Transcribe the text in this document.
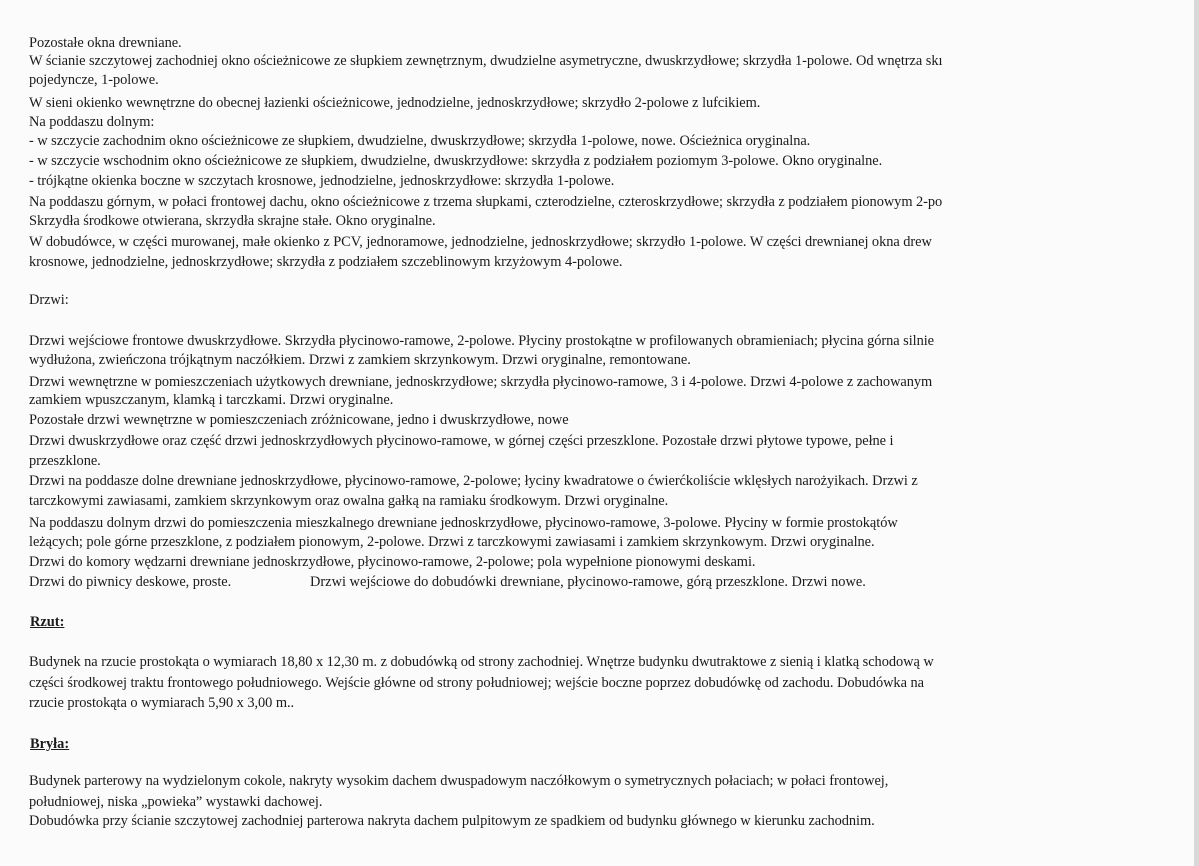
Pozostałe okna drewniane.
W ścianie szczytowej zachodniej okno ościeżnicowe ze słupkiem zewnętrznym, dwudzielne asymetryczne, dwuskrzydłowe; skrzydła 1-polowe. Od wnętrza skı
pojedyncze, 1-polowe.
W sieni okienko wewnętrzne do obecnej łazienki ościeżnicowe, jednodzielne, jednoskrzydłowe; skrzydło 2-polowe z lufcikiem.
Na poddaszu dolnym:
- w szczycie zachodnim okno ościeżnicowe ze słupkiem, dwudzielne, dwuskrzydłowe; skrzydła 1-polowe, nowe. Ościeżnica oryginalna.
- w szczycie wschodnim okno ościeżnicowe ze słupkiem, dwudzielne, dwuskrzydłowe: skrzydła z podziałem poziomym 3-polowe. Okno oryginalne.
- trójkątne okienka boczne w szczytach krosnowe, jednodzielne, jednoskrzydłowe: skrzydła 1-polowe.
Na poddaszu górnym, w połaci frontowej dachu, okno ościeżnicowe z trzema słupkami, czterodzielne, czteroskrzydłowe; skrzydła z podziałem pionowym 2-po
Skrzydła środkowe otwierana, skrzydła skrajne stałe. Okno oryginalne.
W dobudówce, w części murowanej, małe okienko z PCV, jednoramowe, jednodzielne, jednoskrzydłowe; skrzydło 1-polowe. W części drewnianej okna drew
krosnowe, jednodzielne, jednoskrzydłowe; skrzydła z podziałem szczeblinowym krzyżowym 4-polowe.
Drzwi:
Drzwi wejściowe frontowe dwuskrzydłowe. Skrzydła płycinowo-ramowe, 2-polowe. Płyciny prostokątne w profilowanych obramieniach; płycina górna silnie
wydłużona, zwieńczona trójkątnym naczółkiem. Drzwi z zamkiem skrzynkowym. Drzwi oryginalne, remontowane.
Drzwi wewnętrzne w pomieszczeniach użytkowych drewniane, jednoskrzydłowe; skrzydła płycinowo-ramowe, 3 i 4-polowe. Drzwi 4-polowe z zachowanym
zamkiem wpuszczanym, klamką i tarczkami. Drzwi oryginalne.
Pozostałe drzwi wewnętrzne w pomieszczeniach zróżnicowane, jedno i dwuskrzydłowe, nowe
Drzwi dwuskrzydłowe oraz część drzwi jednoskrzydłowych płycinowo-ramowe, w górnej części przeszklone. Pozostałe drzwi płytowe typowe, pełne i
przeszklone.
Drzwi na poddasze dolne drewniane jednoskrzydłowe, płycinowo-ramowe, 2-polowe; łyciny kwadratowe o ćwierćkoliście wklęsłych narożyikach. Drzwi z
tarczkowymi zawiasami, zamkiem skrzynkowym oraz owalna gałką na ramiaku środkowym. Drzwi oryginalne.
Na poddaszu dolnym drzwi do pomieszczenia mieszkalnego drewniane jednoskrzydłowe, płycinowo-ramowe, 3-polowe. Płyciny w formie prostokątów
leżących; pole górne przeszklone, z podziałem pionowym, 2-polowe. Drzwi z tarczkowymi zawiasami i zamkiem skrzynkowym. Drzwi oryginalne.
Drzwi do komory wędzarni drewniane jednoskrzydłowe, płycinowo-ramowe, 2-polowe; pola wypełnione pionowymi deskami.
Drzwi do piwnicy deskowe, proste.	Drzwi wejściowe do dobudówki drewniane, płycinowo-ramowe, górą przeszklone. Drzwi nowe.
Rzut:
Budynek na rzucie prostokąta o wymiarach 18,80 x 12,30 m. z dobudówką od strony zachodniej. Wnętrze budynku dwutraktowe z sienią i klatką schodową w
części środkowej traktu frontowego południowego. Wejście główne od strony południowej; wejście boczne poprzez dobudówkę od zachodu. Dobudówka na
rzucie prostokąta o wymiarach 5,90 x 3,00 m..
Bryła:
Budynek parterowy na wydzielonym cokole, nakryty wysokim dachem dwuspadowym naczółkowym o symetrycznych połaciach; w połaci frontowej,
południowej, niska „powieka” wystawki dachowej.
Dobudówka przy ścianie szczytowej zachodniej parterowa nakryta dachem pulpitowym ze spadkiem od budynku głównego w kierunku zachodnim.
